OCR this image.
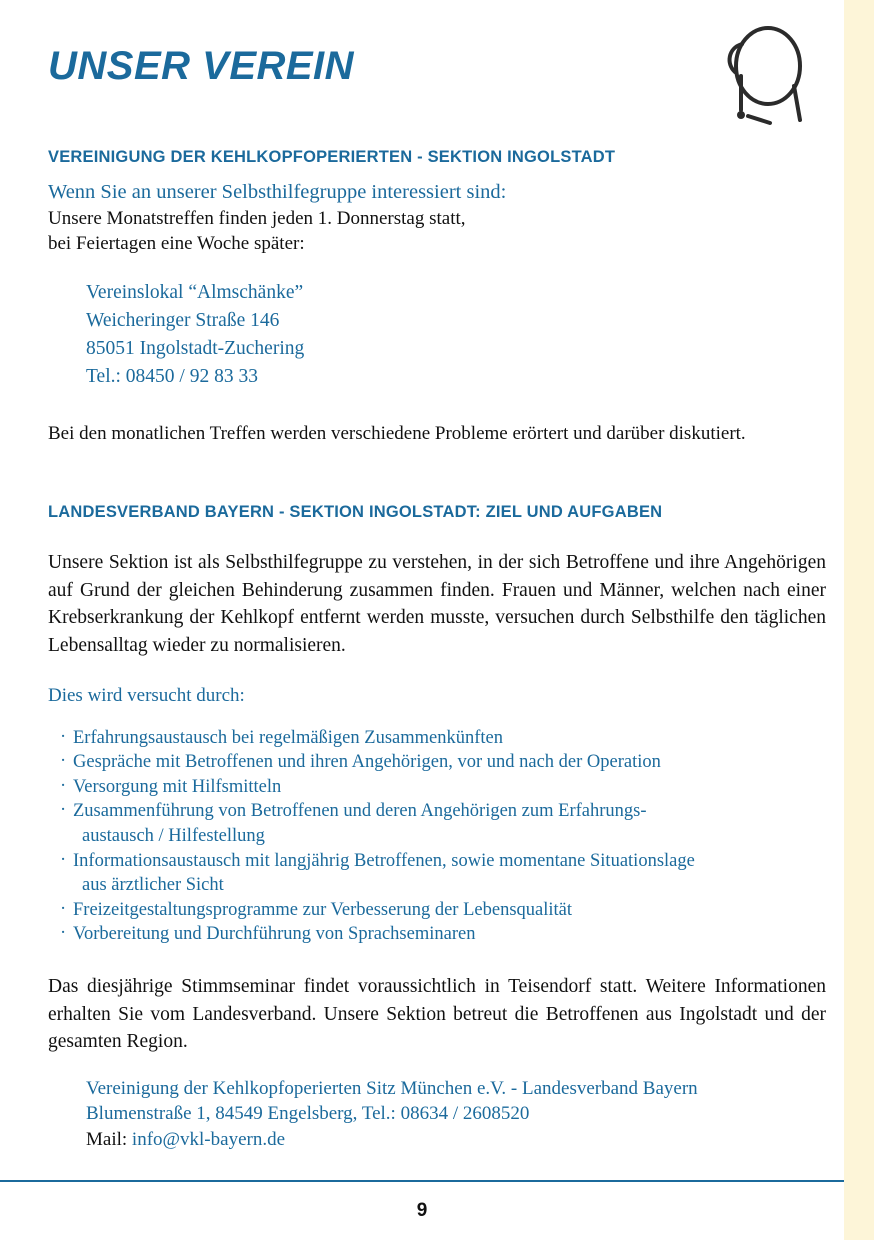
UNSER VEREIN

VEREINIGUNG DER KEHLKOPFOPERIERTEN - SEKTION INGOLSTADT

Wenn Sie an unserer Selbsthilfegruppe interessiert sind:

Unsere Monatstreffen finden jeden 1. Donnerstag statt,

bei Feiertagen eine Woche später:

Vereinslokal “Almschänke”
Weicheringer Straße 146
85051 Ingolstadt-Zuchering
Tel.: 08450 / 92 83 33

Bei den monatlichen Treffen werden verschiedene Probleme erörtert und darüber diskutiert.

LANDESVERBAND BAYERN - SEKTION INGOLSTADT: ZIEL UND AUFGABEN

Unsere Sektion ist als Selbsthilfegruppe zu verstehen, in der sich Betroffene und ihre Angehörigen auf Grund der gleichen Behinderung zusammen finden. Frauen und Männer, welchen nach einer Krebserkrankung der Kehlkopf entfernt werden musste, versuchen durch Selbsthilfe den täglichen Lebensalltag wieder zu normalisieren.

Dies wird versucht durch:

· Erfahrungsaustausch bei regelmäßigen Zusammenkünften
· Gespräche mit Betroffenen und ihren Angehörigen, vor und nach der Operation
· Versorgung mit Hilfsmitteln
· Zusammenführung von Betroffenen und deren Angehörigen zum Erfahrungs-
austausch / Hilfestellung
· Informationsaustausch mit langjährig Betroffenen, sowie momentane Situationslage
aus ärztlicher Sicht
· Freizeitgestaltungsprogramme zur Verbesserung der Lebensqualität
· Vorbereitung und Durchführung von Sprachseminaren

Das diesjährige Stimmseminar findet voraussichtlich in Teisendorf statt. Weitere Informationen erhalten Sie vom Landesverband. Unsere Sektion betreut die Betroffenen aus Ingolstadt und der gesamten Region.

Vereinigung der Kehlkopfoperierten Sitz München e.V. - Landesverband Bayern
Blumenstraße 1, 84549 Engelsberg, Tel.: 08634 / 2608520
Mail: info@vkl-bayern.de
9
